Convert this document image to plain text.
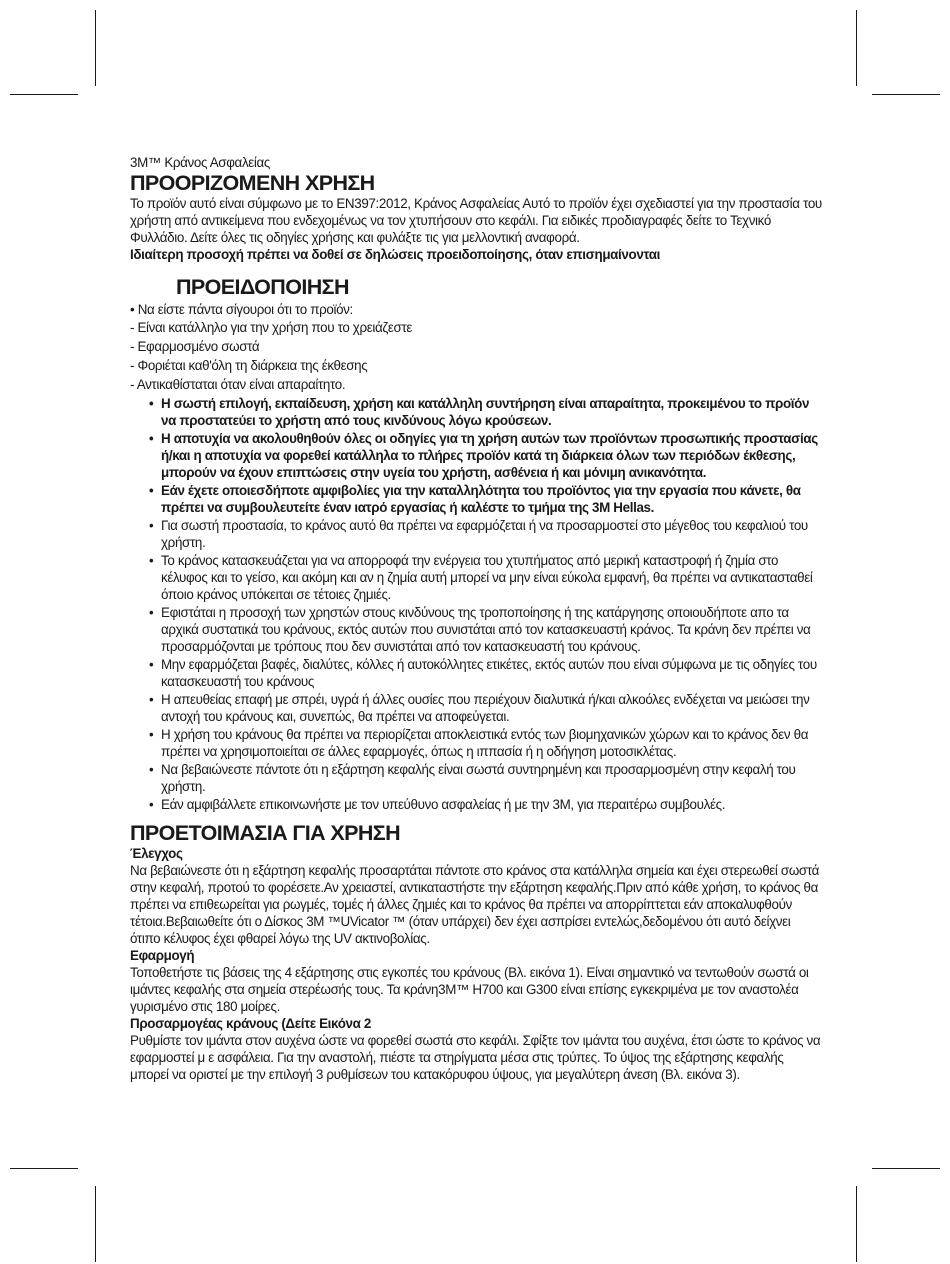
3M™ Κράνος Ασφαλείας

ΠΡΟΟΡΙΖΟΜΕΝΗ ΧΡΗΣΗ

Το προϊόν αυτό είναι σύμφωνο με το EN397:2012, Κράνος Ασφαλείας Αυτό το προϊόν έχει σχεδιαστεί για την προστασία του χρήστη από αντικείμενα που ενδεχομένως να τον χτυπήσουν στο κεφάλι. Για ειδικές προδιαγραφές δείτε το Τεχνικό Φυλλάδιο. Δείτε όλες τις οδηγίες χρήσης και φυλάξτε τις για μελλοντική αναφορά.

Ιδιαίτερη προσοχή πρέπει να δοθεί σε δηλώσεις προειδοποίησης, όταν επισημαίνονται

ΠΡΟΕΙΔΟΠΟΙΗΣΗ

• Να είστε πάντα σίγουροι ότι το προϊόν:

- Είναι κατάλληλο για την χρήση που το χρειάζεστε

- Εφαρμοσμένο σωστά

- Φοριέται καθ'όλη τη διάρκεια της έκθεσης

- Αντικαθίσταται όταν είναι απαραίτητο.

• Η σωστή επιλογή, εκπαίδευση, χρήση και κατάλληλη συντήρηση είναι απαραίτητα, προκειμένου το προϊόν να προστατεύει το χρήστη από τους κινδύνους λόγω κρούσεων.
• Η αποτυχία να ακολουθηθούν όλες οι οδηγίες για τη χρήση αυτών των προϊόντων προσωπικής προστασίας ή/και η αποτυχία να φορεθεί κατάλληλα το πλήρες προϊόν κατά τη διάρκεια όλων των περιόδων έκθεσης, μπορούν να έχουν επιπτώσεις στην υγεία του χρήστη, ασθένεια ή και μόνιμη ανικανότητα.
• Εάν έχετε οποιεσδήποτε αμφιβολίες για την καταλληλότητα του προϊόντος για την εργασία που κάνετε, θα πρέπει να συμβουλευτείτε έναν ιατρό εργασίας ή καλέστε το τμήμα της 3M Hellas.
• Για σωστή προστασία, το κράνος αυτό θα πρέπει να εφαρμόζεται ή να προσαρμοστεί στο μέγεθος του κεφαλιού του χρήστη.
• Το κράνος κατασκευάζεται για να απορροφά την ενέργεια του χτυπήματος από μερική καταστροφή ή ζημία στο κέλυφος και το γείσο, και ακόμη και αν η ζημία αυτή μπορεί να μην είναι εύκολα εμφανή, θα πρέπει να αντικατασταθεί όποιο κράνος υπόκειται σε τέτοιες ζημιές.
• Εφιστάται η προσοχή των χρηστών στους κινδύνους της τροποποίησης ή της κατάργησης οποιουδήποτε απο τα αρχικά συστατικά του κράνους, εκτός αυτών που συνιστάται από τον κατασκευαστή κράνος. Τα κράνη δεν πρέπει να προσαρμόζονται με τρόπους που δεν συνιστάται από τον κατασκευαστή του κράνους.
• Μην εφαρμόζεται βαφές, διαλύτες, κόλλες ή αυτοκόλλητες ετικέτες, εκτός αυτών που είναι σύμφωνα με τις οδηγίες του κατασκευαστή του κράνους
• Η απευθείας επαφή με σπρέι, υγρά ή άλλες ουσίες που περιέχουν διαλυτικά ή/και αλκοόλες ενδέχεται να μειώσει την αντοχή του κράνους και, συνεπώς, θα πρέπει να αποφεύγεται.
• Η χρήση του κράνους θα πρέπει να περιορίζεται αποκλειστικά εντός των βιομηχανικών χώρων και το κράνος δεν θα πρέπει να χρησιμοποιείται σε άλλες εφαρμογές, όπως η ιππασία ή η οδήγηση μοτοσικλέτας.
• Να βεβαιώνεστε πάντοτε ότι η εξάρτηση κεφαλής είναι σωστά συντηρημένη και προσαρμοσμένη στην κεφαλή του χρήστη.
• Εάν αμφιβάλλετε επικοινωνήστε με τον υπεύθυνο ασφαλείας ή με την 3M, για περαιτέρω συμβουλές.
ΠΡΟΕΤΟΙΜΑΣΙΑ ΓΙΑ ΧΡΗΣΗ

Έλεγχος

Να βεβαιώνεστε ότι η εξάρτηση κεφαλής προσαρτάται πάντοτε στο κράνος στα κατάλληλα σημεία και έχει στερεωθεί σωστά στην κεφαλή, προτού το φορέσετε.Αν χρειαστεί, αντικαταστήστε την εξάρτηση κεφαλής.Πριν από κάθε χρήση, το κράνος θα πρέπει να επιθεωρείται για ρωγμές, τομές ή άλλες ζημιές και το κράνος θα πρέπει να απορρίπτεται εάν αποκαλυφθούν τέτοια.Βεβαιωθείτε ότι ο Δίσκος 3M ™UVicator ™ (όταν υπάρχει) δεν έχει ασπρίσει εντελώς,δεδομένου ότι αυτό δείχνει ότιπο κέλυφος έχει φθαρεί λόγω της UV ακτινοβολίας.

Εφαρμογή

Τοποθετήστε τις βάσεις της 4 εξάρτησης στις εγκοπές του κράνους (Βλ. εικόνα 1). Είναι σημαντικό να τεντωθούν σωστά οι ιμάντες κεφαλής στα σημεία στερέωσής τους. Τα κράνη3M™ H700 και G300 είναι επίσης εγκεκριμένα με τον αναστολέα γυρισμένο στις 180 μοίρες.

Προσαρμογέας κράνους (Δείτε Εικόνα 2

Ρυθμίστε τον ιμάντα στον αυχένα ώστε να φορεθεί σωστά στο κεφάλι. Σφίξτε τον ιμάντα του αυχένα, έτσι ώστε το κράνος να εφαρμοστεί μ ε ασφάλεια. Για την αναστολή, πιέστε τα στηρίγματα μέσα στις τρύπες. Το ύψος της εξάρτησης κεφαλής μπορεί να οριστεί με την επιλογή 3 ρυθμίσεων του κατακόρυφου ύψους, για μεγαλύτερη άνεση (Βλ. εικόνα 3).
